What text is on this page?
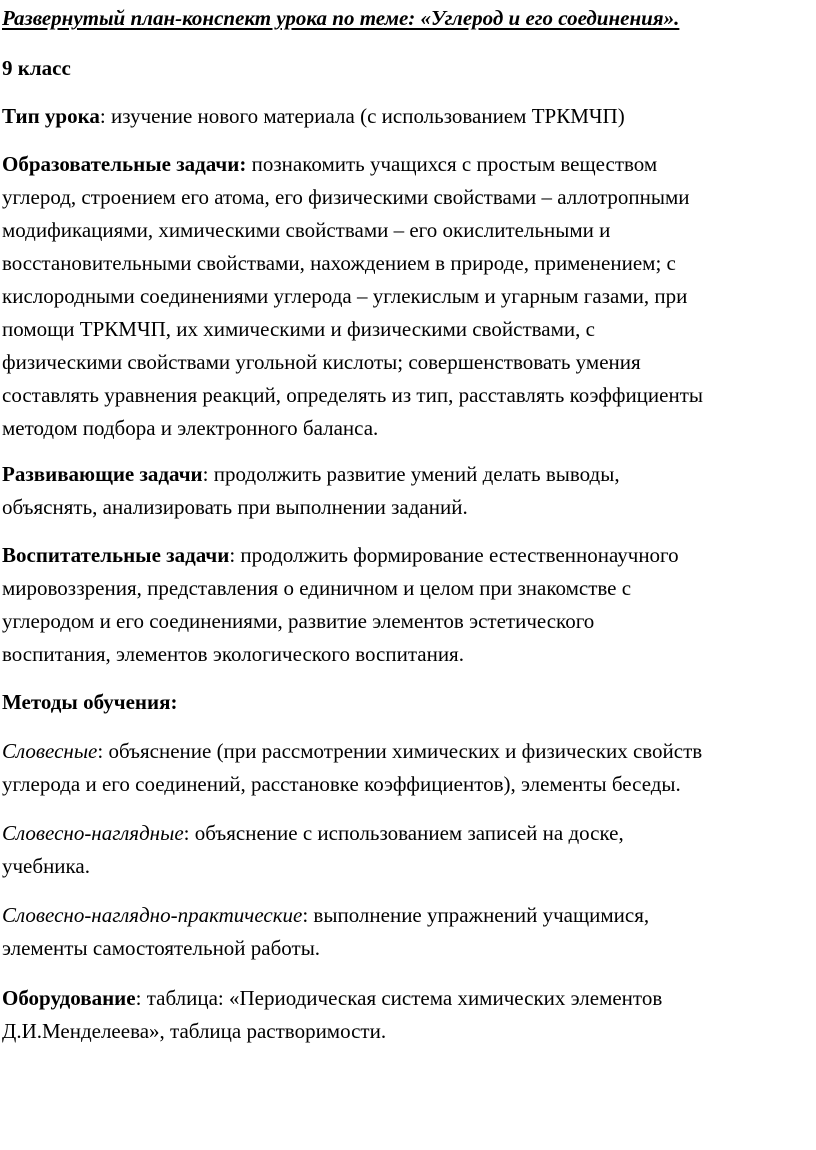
Развернутый план-конспект урока по теме: «Углерод и его соединения».
9 класс
Тип урока: изучение нового материала (с использованием ТРКМЧП)
Образовательные задачи: познакомить учащихся с простым веществом
углерод, строением его атома, его физическими свойствами – аллотропными
модификациями, химическими свойствами – его окислительными и
восстановительными свойствами, нахождением в природе, применением; с
кислородными соединениями углерода – углекислым и угарным газами, при
помощи ТРКМЧП, их химическими и физическими свойствами, с
физическими свойствами угольной кислоты; совершенствовать умения
составлять уравнения реакций, определять из тип, расставлять коэффициенты
методом подбора и электронного баланса.
Развивающие задачи: продолжить развитие умений делать выводы,
объяснять, анализировать при выполнении заданий.
Воспитательные задачи: продолжить формирование естественнонаучного
мировоззрения, представления о единичном и целом при знакомстве с
углеродом и его соединениями, развитие элементов эстетического
воспитания, элементов экологического воспитания.
Методы обучения:
Словесные: объяснение (при рассмотрении химических и физических свойств
углерода и его соединений, расстановке коэффициентов), элементы беседы.
Словесно-наглядные: объяснение с использованием записей на доске,
учебника.
Словесно-наглядно-практические: выполнение упражнений учащимися,
элементы самостоятельной работы.
Оборудование: таблица: «Периодическая система химических элементов
Д.И.Менделеева», таблица растворимости.
